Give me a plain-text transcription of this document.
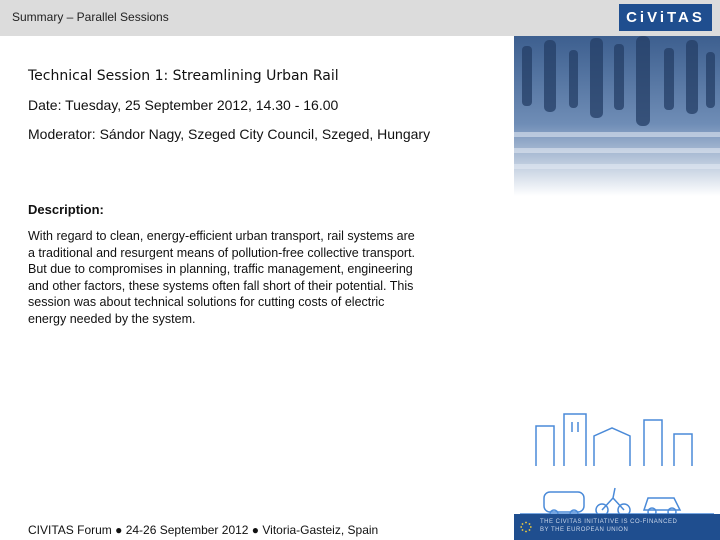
Summary – Parallel Sessions	CiViTAS
Technical Session 1: Streamlining Urban Rail
Date: Tuesday, 25 September 2012, 14.30 - 16.00
Moderator: Sándor Nagy, Szeged City Council, Szeged, Hungary
Description:
With regard to clean, energy-efficient urban transport, rail systems are
a traditional and resurgent means of pollution-free collective transport.
But due to compromises in planning, traffic management, engineering
and other factors, these systems often fall short of their potential. This
session was about technical solutions for cutting costs of electric
energy needed by the system.
THE CIVITAS INITIATIVE IS CO-FINANCED
BY THE EUROPEAN UNION
CIVITAS Forum ● 24-26 September 2012 ● Vitoria-Gasteiz, Spain
